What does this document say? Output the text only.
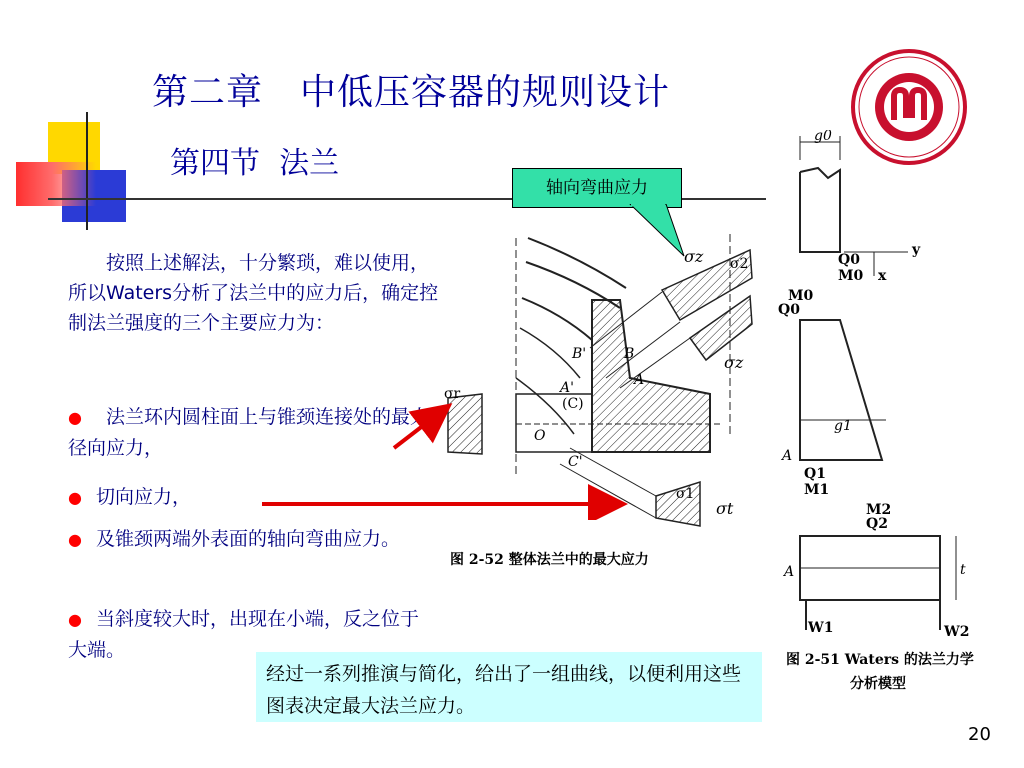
第二章　中低压容器的规则设计
第四节  法兰
按照上述解法，十分繁琐，难以使用，所以Waters分析了法兰中的应力后，确定控制法兰强度的三个主要应力为：
● 法兰环内圆柱面上与锥颈连接处的最大径向应力，
● 切向应力，
● 及锥颈两端外表面的轴向弯曲应力。
● 当斜度较大时，出现在小端，反之位于大端。
轴向弯曲应力
σz
σz
σt
σr
σ2
σ1
B'	B
A'	A
(C)
O
C'
图 2-52 整体法兰中的最大应力
g0
Q0
M0
y
x
M0
Q0
g1
A
Q1
M1
M2
Q2
A	t
W1	W2
图 2-51 Waters 的法兰力学
分析模型
经过一系列推演与简化，给出了一组曲线，以便利用这些图表决定最大法兰应力。
20
